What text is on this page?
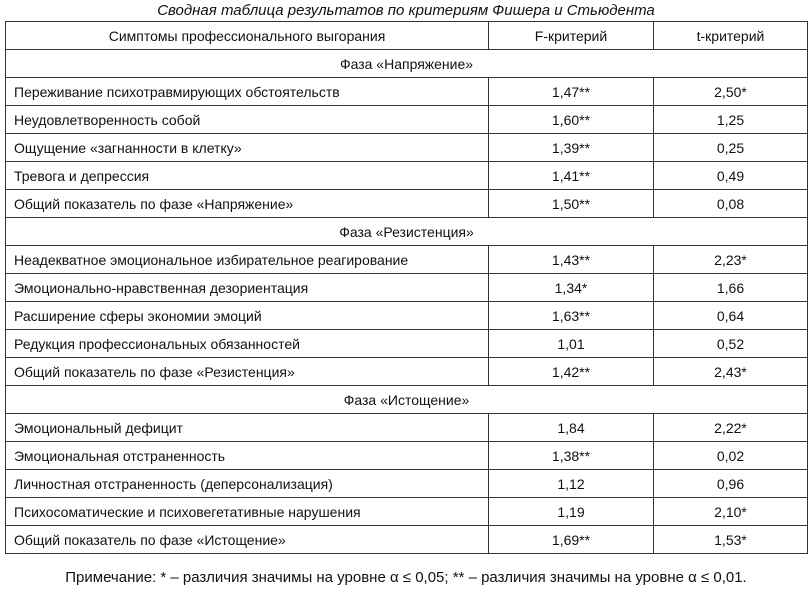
Сводная таблица результатов по критериям Фишера и Стьюдента
Симптомы профессионального выгорания	F-критерий	t-критерий
Фаза «Напряжение»		
Переживание психотравмирующих обстоятельств	1,47**	2,50*
Неудовлетворенность собой	1,60**	1,25
Ощущение «загнанности в клетку»	1,39**	0,25
Тревога и депрессия	1,41**	0,49
Общий показатель по фазе «Напряжение»	1,50**	0,08
Фаза «Резистенция»		
Неадекватное эмоциональное избирательное реагирование	1,43**	2,23*
Эмоционально-нравственная дезориентация	1,34*	1,66
Расширение сферы экономии эмоций	1,63**	0,64
Редукция профессиональных обязанностей	1,01	0,52
Общий показатель по фазе «Резистенция»	1,42**	2,43*
Фаза «Истощение»		
Эмоциональный дефицит	1,84	2,22*
Эмоциональная отстраненность	1,38**	0,02
Личностная отстраненность (деперсонализация)	1,12	0,96
Психосоматические и психовегетативные нарушения	1,19	2,10*
Общий показатель по фазе «Истощение»	1,69**	1,53*
Примечание: * – различия значимы на уровне α ≤ 0,05; ** – различия значимы на уровне α ≤ 0,01.
